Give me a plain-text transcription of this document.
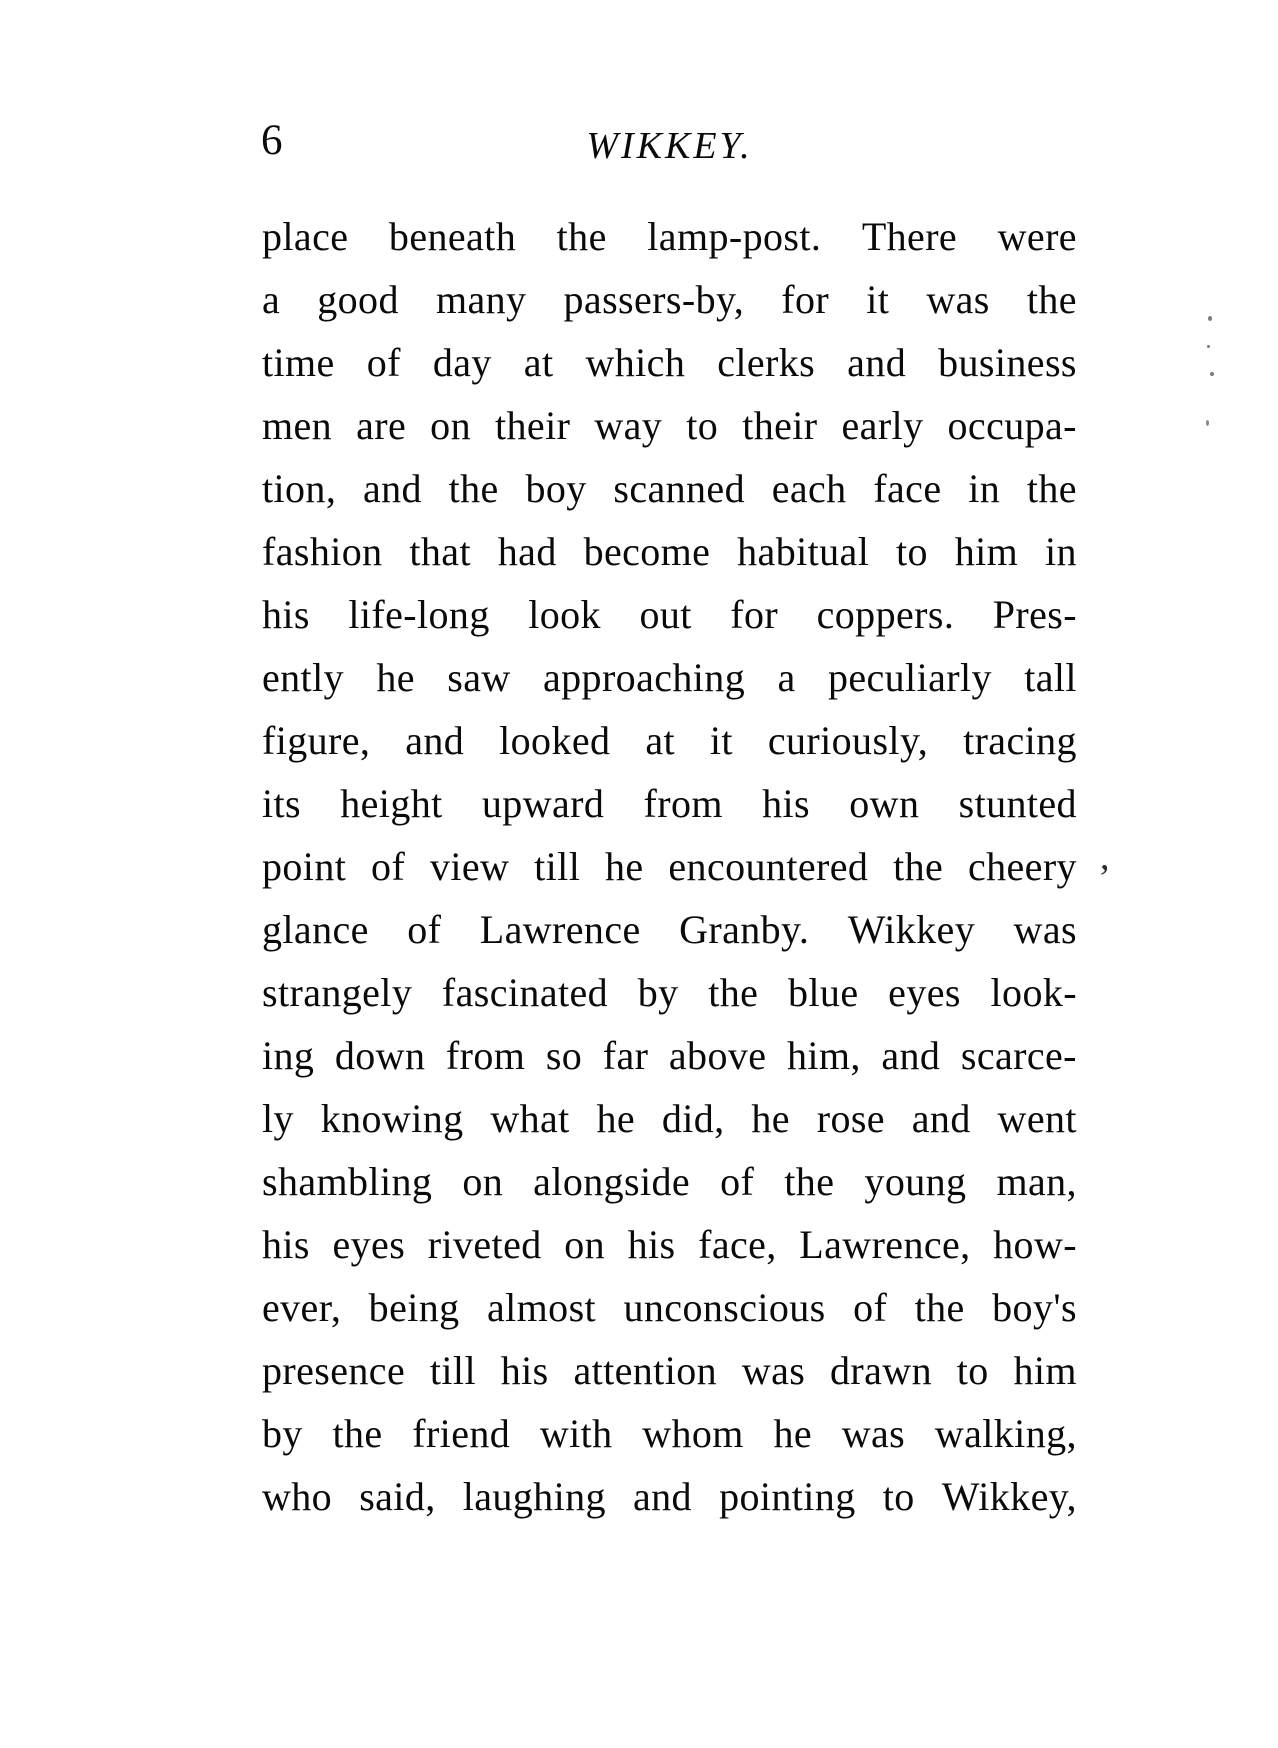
6	WIKKEY.
place beneath the lamp-post. There were
a good many passers-by, for it was the
time of day at which clerks and business
men are on their way to their early occupa-
tion, and the boy scanned each face in the
fashion that had become habitual to him in
his life-long look out for coppers. Pres-
ently he saw approaching a peculiarly tall
figure, and looked at it curiously, tracing
its height upward from his own stunted
point of view till he encountered the cheery
glance of Lawrence Granby. Wikkey was
strangely fascinated by the blue eyes look-
ing down from so far above him, and scarce-
ly knowing what he did, he rose and went
shambling on alongside of the young man,
his eyes riveted on his face, Lawrence, how-
ever, being almost unconscious of the boy's
presence till his attention was drawn to him
by the friend with whom he was walking,
who said, laughing and pointing to Wikkey,
,
